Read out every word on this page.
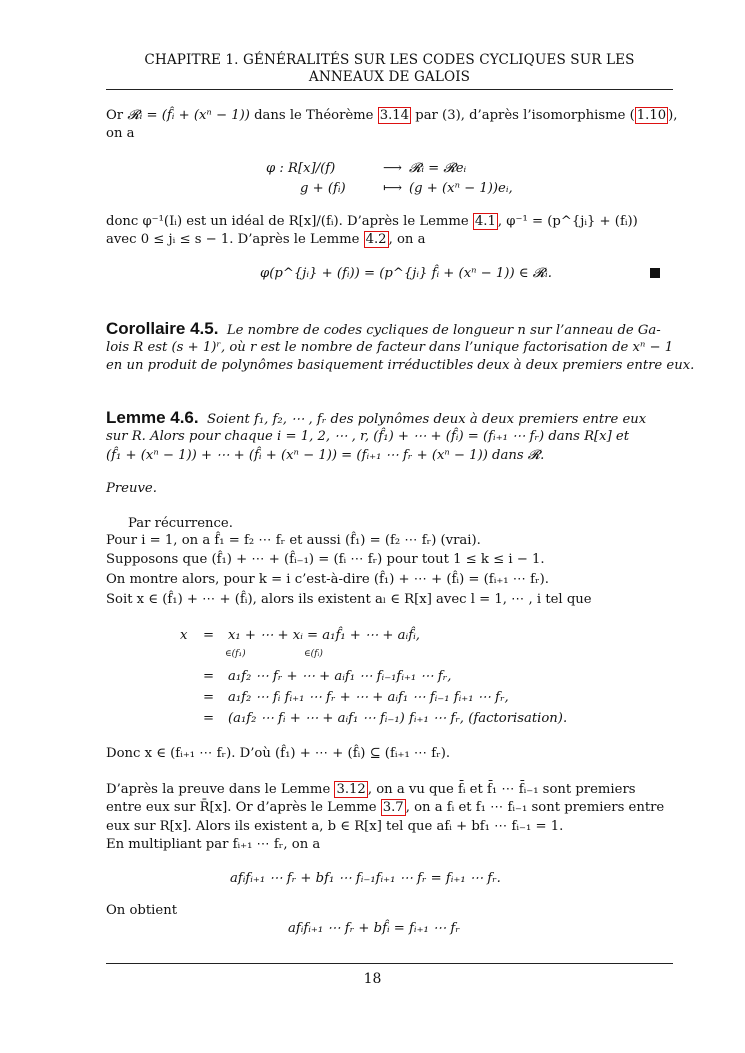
CHAPITRE 1. GÉNÉRALITÉS SUR LES CODES CYCLIQUES SUR LES
ANNEAUX DE GALOIS
Or 𝓡ᵢ = (f̂ᵢ + (xⁿ − 1)) dans le Théorème 3.14 par (3), d’après l’isomorphisme ( 1.10 ),
on a
φ : R[x]/(f)	⟶ 𝓡ᵢ = 𝓡eᵢ
g + (fᵢ)	⟼ (g + (xⁿ − 1))eᵢ,
donc φ⁻¹(Iᵢ) est un idéal de R[x]/(fᵢ). D’après le Lemme 4.1 , φ⁻¹ = (p^{jᵢ} + (fᵢ))
avec 0 ≤ jᵢ ≤ s − 1. D’après le Lemme 4.2 , on a
φ(p^{jᵢ} + (fᵢ)) = (p^{jᵢ} f̂ᵢ + (xⁿ − 1)) ∈ 𝓡ᵢ.
Corollaire 4.5. Le nombre de codes cycliques de longueur n sur l’anneau de Ga-
lois R est (s + 1)ʳ, où r est le nombre de facteur dans l’unique factorisation de xⁿ − 1
en un produit de polynômes basiquement irréductibles deux à deux premiers entre eux.
Lemme 4.6. Soient f₁, f₂, ⋯ , fᵣ des polynômes deux à deux premiers entre eux
sur R. Alors pour chaque i = 1, 2, ⋯ , r, (f̂₁) + ⋯ + (f̂ᵢ) = (fᵢ₊₁ ⋯ fᵣ) dans R[x] et
(f̂₁ + (xⁿ − 1)) + ⋯ + (f̂ᵢ + (xⁿ − 1)) = (fᵢ₊₁ ⋯ fᵣ + (xⁿ − 1)) dans 𝓡.
Preuve.
Par récurrence.
Pour i = 1, on a f̂₁ = f₂ ⋯ fᵣ et aussi (f̂₁) = (f₂ ⋯ fᵣ) (vrai).
Supposons que (f̂₁) + ⋯ + (f̂ᵢ₋₁) = (fᵢ ⋯ fᵣ) pour tout 1 ≤ k ≤ i − 1.
On montre alors, pour k = i c’est-à-dire (f̂₁) + ⋯ + (f̂ᵢ) = (fᵢ₊₁ ⋯ fᵣ).
Soit x ∈ (f̂₁) + ⋯ + (f̂ᵢ), alors ils existent aₗ ∈ R[x] avec l = 1, ⋯ , i tel que
x = x₁ + ⋯ + xᵢ = a₁f̂₁ + ⋯ + aᵢf̂ᵢ,
∈(f₁)	∈(fᵢ)
= a₁f₂ ⋯ fᵣ + ⋯ + aᵢf₁ ⋯ fᵢ₋₁fᵢ₊₁ ⋯ fᵣ,
= a₁f₂ ⋯ fᵢ fᵢ₊₁ ⋯ fᵣ + ⋯ + aᵢf₁ ⋯ fᵢ₋₁ fᵢ₊₁ ⋯ fᵣ,
= (a₁f₂ ⋯ fᵢ + ⋯ + aᵢf₁ ⋯ fᵢ₋₁) fᵢ₊₁ ⋯ fᵣ, (factorisation).
Donc x ∈ (fᵢ₊₁ ⋯ fᵣ). D’où (f̂₁) + ⋯ + (f̂ᵢ) ⊆ (fᵢ₊₁ ⋯ fᵣ).
D’après la preuve dans le Lemme 3.12 , on a vu que f̄ᵢ et f̄₁ ⋯ f̄ᵢ₋₁ sont premiers
entre eux sur R̄[x]. Or d’après le Lemme 3.7 , on a fᵢ et f₁ ⋯ fᵢ₋₁ sont premiers entre
eux sur R[x]. Alors ils existent a, b ∈ R[x] tel que afᵢ + bf₁ ⋯ fᵢ₋₁ = 1.
En multipliant par fᵢ₊₁ ⋯ fᵣ, on a
afᵢfᵢ₊₁ ⋯ fᵣ + bf₁ ⋯ fᵢ₋₁fᵢ₊₁ ⋯ fᵣ = fᵢ₊₁ ⋯ fᵣ.
On obtient
afᵢfᵢ₊₁ ⋯ fᵣ + bf̂ᵢ = fᵢ₊₁ ⋯ fᵣ
18
